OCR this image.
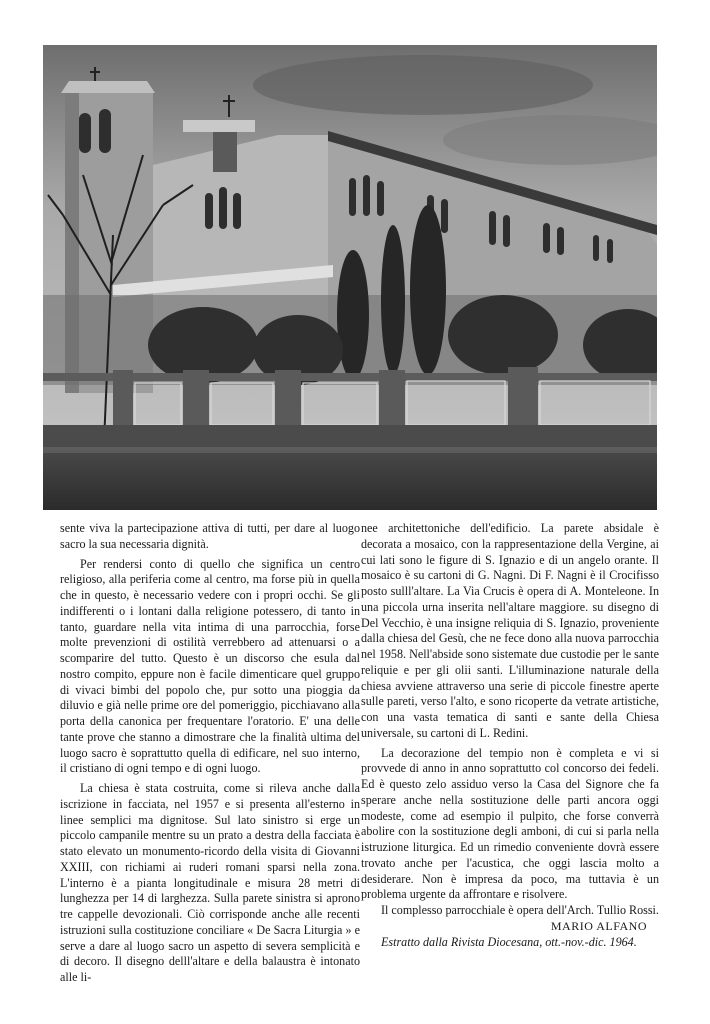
sente viva la partecipazione attiva di tutti, per dare al luogo sacro la sua necessaria dignità.

Per rendersi conto di quello che significa un centro religioso, alla periferia come al centro, ma forse più in quella che in questo, è necessario vedere con i propri occhi. Se gli indifferenti o i lontani dalla religione potessero, di tanto in tanto, guardare nella vita intima di una parrocchia, forse molte prevenzioni di ostilità verrebbero ad attenuarsi o a scomparire del tutto. Questo è un discorso che esula dal nostro compito, eppure non è facile dimenticare quel gruppo di vivaci bimbi del popolo che, pur sotto una pioggia da diluvio e già nelle prime ore del pomeriggio, picchiavano alla porta della canonica per frequentare l'oratorio. E' una delle tante prove che stanno a dimostrare che la finalità ultima del luogo sacro è soprattutto quella di edificare, nel suo interno, il cristiano di ogni tempo e di ogni luogo.

La chiesa è stata costruita, come si rileva anche dalla iscrizione in facciata, nel 1957 e si presenta all'esterno in linee semplici ma dignitose. Sul lato sinistro si erge un piccolo campanile mentre su un prato a destra della facciata è stato elevato un monumento-ricordo della visita di Giovanni XXIII, con richiami ai ruderi romani sparsi nella zona. L'interno è a pianta longitudinale e misura 28 metri di lunghezza per 14 di larghezza. Sulla parete sinistra si aprono tre cappelle devozionali. Ciò corrisponde anche alle recenti istruzioni sulla costituzione conciliare « De Sacra Liturgia » e serve a dare al luogo sacro un aspetto di severa semplicità e di decoro. Il disegno delll'altare e della balaustra è intonato alle li-

nee architettoniche dell'edificio. La parete absidale è decorata a mosaico, con la rappresentazione della Vergine, ai cui lati sono le figure di S. Ignazio e di un angelo orante. Il mosaico è su cartoni di G. Nagni. Di F. Nagni è il Crocifisso posto sulll'altare. La Via Crucis è opera di A. Monteleone. In una piccola urna inserita nell'altare maggiore. su disegno di Del Vecchio, è una insigne reliquia di S. Ignazio, proveniente dalla chiesa del Gesù, che ne fece dono alla nuova parrocchia nel 1958. Nell'abside sono sistemate due custodie per le sante reliquie e per gli olii santi. L'illuminazione naturale della chiesa avviene attraverso una serie di piccole finestre aperte sulle pareti, verso l'alto, e sono ricoperte da vetrate artistiche, con una vasta tematica di santi e sante della Chiesa universale, su cartoni di L. Redini.

La decorazione del tempio non è completa e vi si provvede di anno in anno soprattutto col concorso dei fedeli. Ed è questo zelo assiduo verso la Casa del Signore che fa sperare anche nella sostituzione delle parti ancora oggi modeste, come ad esempio il pulpito, che forse converrà abolire con la sostituzione degli amboni, di cui si parla nella istruzione liturgica. Ed un rimedio conveniente dovrà essere trovato anche per l'acustica, che oggi lascia molto a desiderare. Non è impresa da poco, ma tuttavia è un problema urgente da affrontare e risolvere.

Il complesso parrocchiale è opera dell'Arch. Tullio Rossi.

MARIO ALFANO

Estratto dalla Rivista Diocesana, ott.-nov.-dic. 1964.
